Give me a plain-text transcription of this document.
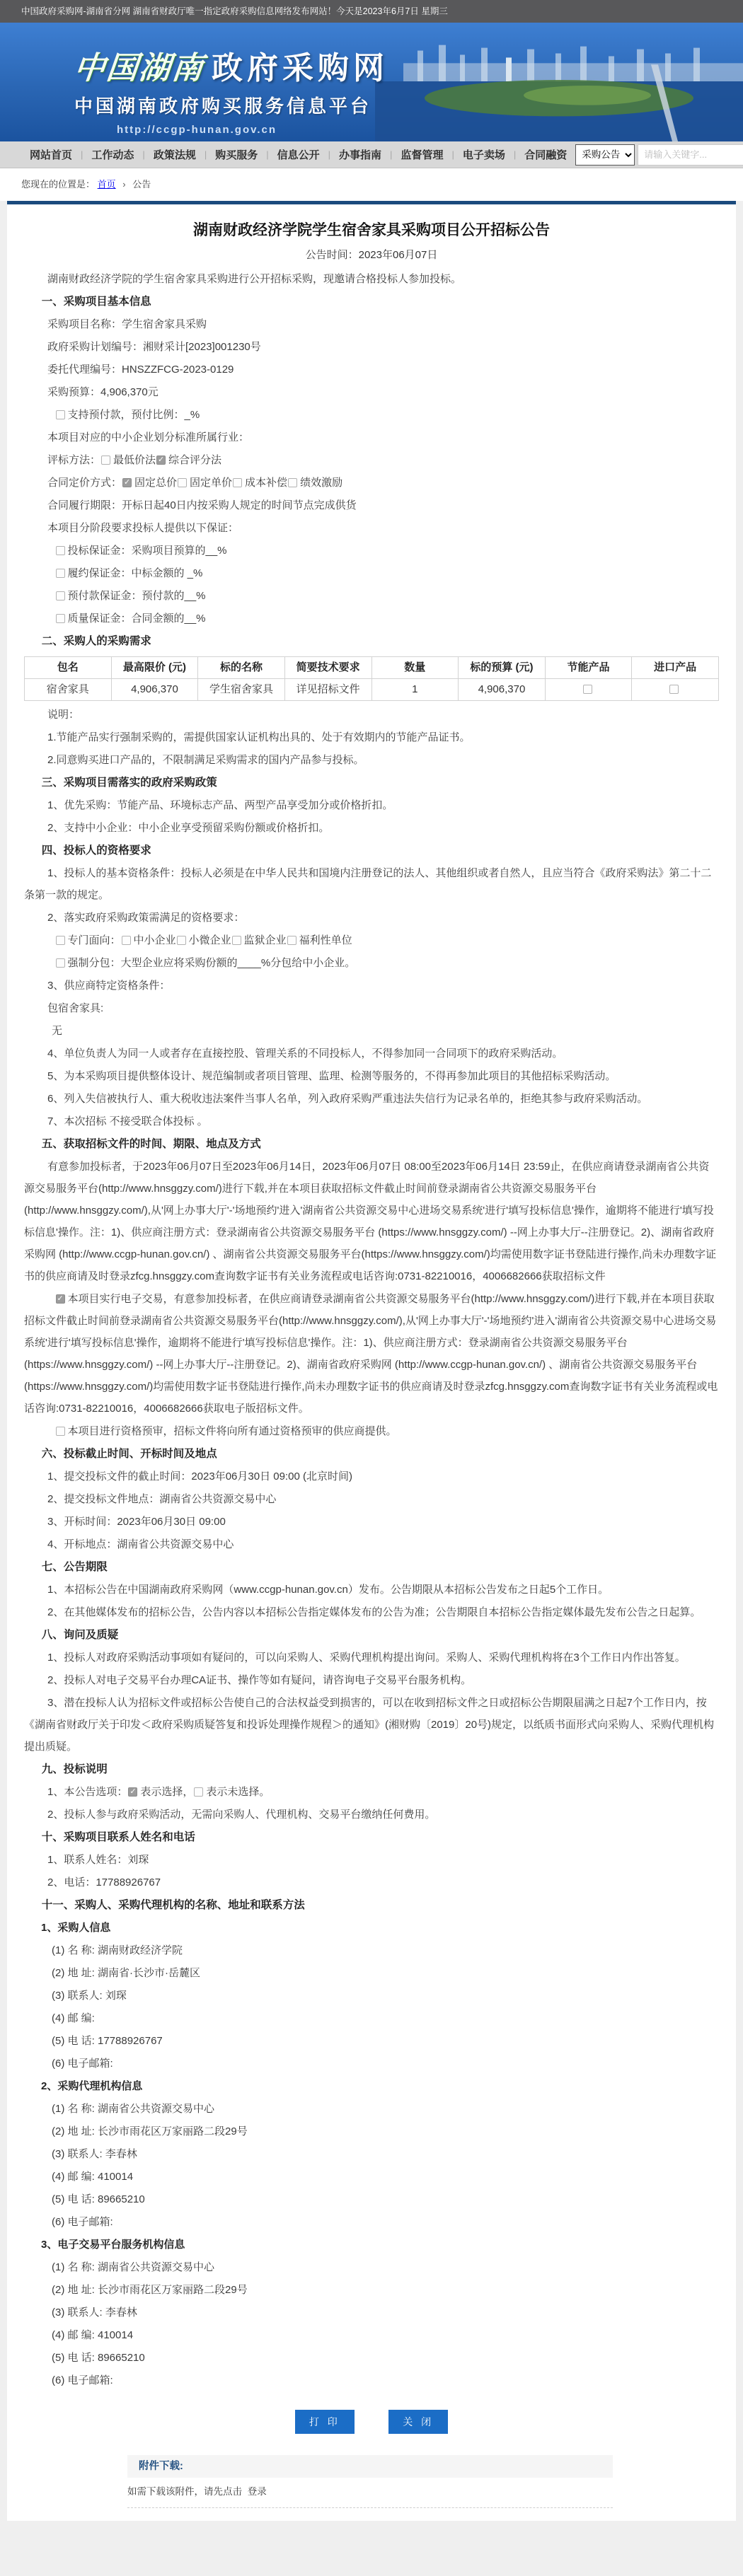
中国政府采购网-湖南省分网 湖南省财政厅唯一指定政府采购信息网络发布网站！今天是2023年6月7日 星期三
中国湖南 政府采购网
中国湖南政府购买服务信息平台
http://ccgp-hunan.gov.cn
网站首页 | 工作动态 | 政策法规 | 购买服务 | 信息公开 | 办事指南 | 监督管理 | 电子卖场 | 合同融资
采购公告
请输入关键字...
您现在的位置是： 首页 › 公告
湖南财政经济学院学生宿舍家具采购项目公开招标公告

公告时间：2023年06月07日

湖南财政经济学院的学生宿舍家具采购进行公开招标采购，现邀请合格投标人参加投标。

一、采购项目基本信息

采购项目名称：学生宿舍家具采购

政府采购计划编号：湘财采计[2023]001230号

委托代理编号：HNSZZFCG-2023-0129

采购预算：4,906,370元

支持预付款，预付比例：_%

本项目对应的中小企业划分标准所属行业：

评标方法： 最低价法 ✓ 综合评分法

合同定价方式： ✓ 固定总价 固定单价 成本补偿 绩效激励

合同履行期限：开标日起40日内按采购人规定的时间节点完成供货

本项目分阶段要求投标人提供以下保证：

投标保证金：采购项目预算的__%

履约保证金：中标金额的 _%

预付款保证金：预付款的__%

质量保证金：合同金额的__%

二、采购人的采购需求

包名	最高限价 (元)	标的名称	简要技术要求	数量	标的预算 (元)	节能产品	进口产品
宿舍家具	4,906,370	学生宿舍家具	详见招标文件	1	4,906,370		

说明：

1.节能产品实行强制采购的，需提供国家认证机构出具的、处于有效期内的节能产品证书。

2.同意购买进口产品的，不限制满足采购需求的国内产品参与投标。

三、采购项目需落实的政府采购政策

1、优先采购：节能产品、环境标志产品、两型产品享受加分或价格折扣。

2、支持中小企业：中小企业享受预留采购份额或价格折扣。

四、投标人的资格要求

1、投标人的基本资格条件：投标人必须是在中华人民共和国境内注册登记的法人、其他组织或者自然人，且应当符合《政府采购法》第二十二条第一款的规定。

2、落实政府采购政策需满足的资格要求：

专门面向： 中小企业 小微企业 监狱企业 福利性单位

强制分包：大型企业应将采购份额的____%分包给中小企业。

3、供应商特定资格条件：

包宿舍家具:

无

4、单位负责人为同一人或者存在直接控股、管理关系的不同投标人，不得参加同一合同项下的政府采购活动。

5、为本采购项目提供整体设计、规范编制或者项目管理、监理、检测等服务的，不得再参加此项目的其他招标采购活动。

6、列入失信被执行人、重大税收违法案件当事人名单，列入政府采购严重违法失信行为记录名单的，拒绝其参与政府采购活动。

7、本次招标 不接受联合体投标 。

五、获取招标文件的时间、期限、地点及方式

有意参加投标者，于2023年06月07日至2023年06月14日，2023年06月07日 08:00至2023年06月14日 23:59止，在供应商请登录湖南省公共资源交易服务平台(http://www.hnsggzy.com/)进行下载,并在本项目获取招标文件截止时间前登录湖南省公共资源交易服务平台(http://www.hnsggzy.com/),从'网上办事大厅'-'场地预约'进入'湖南省公共资源交易中心进场交易系统'进行'填写投标信息'操作，逾期将不能进行'填写投标信息'操作。注：1)、供应商注册方式：登录湖南省公共资源交易服务平台 (https://www.hnsggzy.com/) --网上办事大厅--注册登记。2)、湖南省政府采购网 (http://www.ccgp-hunan.gov.cn/) 、湖南省公共资源交易服务平台(https://www.hnsggzy.com/)均需使用数字证书登陆进行操作,尚未办理数字证书的供应商请及时登录zfcg.hnsggzy.com查询数字证书有关业务流程或电话咨询:0731-82210016，4006682666获取招标文件

✓本项目实行电子交易，有意参加投标者，在供应商请登录湖南省公共资源交易服务平台(http://www.hnsggzy.com/)进行下载,并在本项目获取招标文件截止时间前登录湖南省公共资源交易服务平台(http://www.hnsggzy.com/),从'网上办事大厅'-'场地预约'进入'湖南省公共资源交易中心进场交易系统'进行'填写投标信息'操作，逾期将不能进行'填写投标信息'操作。注：1)、供应商注册方式：登录湖南省公共资源交易服务平台 (https://www.hnsggzy.com/) --网上办事大厅--注册登记。2)、湖南省政府采购网 (http://www.ccgp-hunan.gov.cn/) 、湖南省公共资源交易服务平台(https://www.hnsggzy.com/)均需使用数字证书登陆进行操作,尚未办理数字证书的供应商请及时登录zfcg.hnsggzy.com查询数字证书有关业务流程或电话咨询:0731-82210016，4006682666获取电子版招标文件。

本项目进行资格预审，招标文件将向所有通过资格预审的供应商提供。

六、投标截止时间、开标时间及地点

1、提交投标文件的截止时间：2023年06月30日 09:00 (北京时间)

2、提交投标文件地点：湖南省公共资源交易中心

3、开标时间：2023年06月30日 09:00

4、开标地点：湖南省公共资源交易中心

七、公告期限

1、本招标公告在中国湖南政府采购网（www.ccgp-hunan.gov.cn）发布。公告期限从本招标公告发布之日起5个工作日。

2、在其他媒体发布的招标公告，公告内容以本招标公告指定媒体发布的公告为准；公告期限自本招标公告指定媒体最先发布公告之日起算。

八、询问及质疑

1、投标人对政府采购活动事项如有疑问的，可以向采购人、采购代理机构提出询问。采购人、采购代理机构将在3个工作日内作出答复。

2、投标人对电子交易平台办理CA证书、操作等如有疑问，请咨询电子交易平台服务机构。

3、潜在投标人认为招标文件或招标公告使自己的合法权益受到损害的，可以在收到招标文件之日或招标公告期限届满之日起7个工作日内，按《湖南省财政厅关于印发＜政府采购质疑答复和投诉处理操作规程＞的通知》(湘财购〔2019〕20号)规定，以纸质书面形式向采购人、采购代理机构提出质疑。

九、投标说明

1、本公告选项： ✓ 表示选择， 表示未选择。

2、投标人参与政府采购活动，无需向采购人、代理机构、交易平台缴纳任何费用。

十、采购项目联系人姓名和电话

1、联系人姓名：刘琛

2、电话：17788926767

十一、采购人、采购代理机构的名称、地址和联系方法

1、采购人信息

(1) 名 称: 湖南财政经济学院

(2) 地 址: 湖南省·长沙市·岳麓区

(3) 联系人: 刘琛

(4) 邮 编:

(5) 电 话: 17788926767

(6) 电子邮箱:

2、采购代理机构信息

(1) 名 称: 湖南省公共资源交易中心

(2) 地 址: 长沙市雨花区万家丽路二段29号

(3) 联系人: 李春林

(4) 邮 编: 410014

(5) 电 话: 89665210

(6) 电子邮箱:

3、电子交易平台服务机构信息

(1) 名 称: 湖南省公共资源交易中心

(2) 地 址: 长沙市雨花区万家丽路二段29号

(3) 联系人: 李春林

(4) 邮 编: 410014

(5) 电 话: 89665210

(6) 电子邮箱:

打 印	关 闭
附件下载:

如需下载该附件，请先点击 登录
